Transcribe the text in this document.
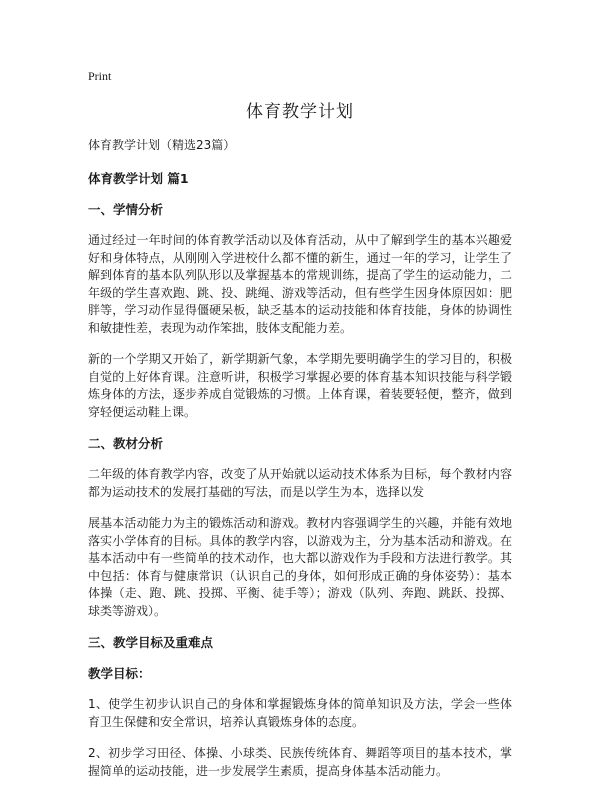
Print
体育教学计划

体育教学计划（精选23篇）

体育教学计划 篇1

一、学情分析

通过经过一年时间的体育教学活动以及体育活动，从中了解到学生的基本兴趣爱好和身体特点，从刚刚入学进校什么都不懂的新生，通过一年的学习，让学生了解到体育的基本队列队形以及掌握基本的常规训练，提高了学生的运动能力，二年级的学生喜欢跑、跳、投、跳绳、游戏等活动，但有些学生因身体原因如：肥胖等，学习动作显得僵硬呆板，缺乏基本的运动技能和体育技能，身体的协调性和敏捷性差，表现为动作笨拙，肢体支配能力差。

新的一个学期又开始了，新学期新气象，本学期先要明确学生的学习目的，积极自觉的上好体育课。注意听讲，积极学习掌握必要的体育基本知识技能与科学锻炼身体的方法，逐步养成自觉锻炼的习惯。上体育课，着装要轻便，整齐，做到穿轻便运动鞋上课。

二、教材分析

二年级的体育教学内容，改变了从开始就以运动技术体系为目标，每个教材内容都为运动技术的发展打基础的写法，而是以学生为本，选择以发

展基本活动能力为主的锻炼活动和游戏。教材内容强调学生的兴趣，并能有效地落实小学体育的目标。具体的教学内容，以游戏为主，分为基本活动和游戏。在基本活动中有一些简单的技术动作，也大都以游戏作为手段和方法进行教学。其中包括：体育与健康常识（认识自己的身体，如何形成正确的身体姿势）：基本体操（走、跑、跳、投掷、平衡、徒手等）；游戏（队列、奔跑、跳跃、投掷、球类等游戏）。

三、教学目标及重难点

教学目标：

1、使学生初步认识自己的身体和掌握锻炼身体的简单知识及方法，学会一些体育卫生保健和安全常识，培养认真锻炼身体的态度。

2、初步学习田径、体操、小球类、民族传统体育、舞蹈等项目的基本技术，掌握简单的运动技能，进一步发展学生素质，提高身体基本活动能力。
